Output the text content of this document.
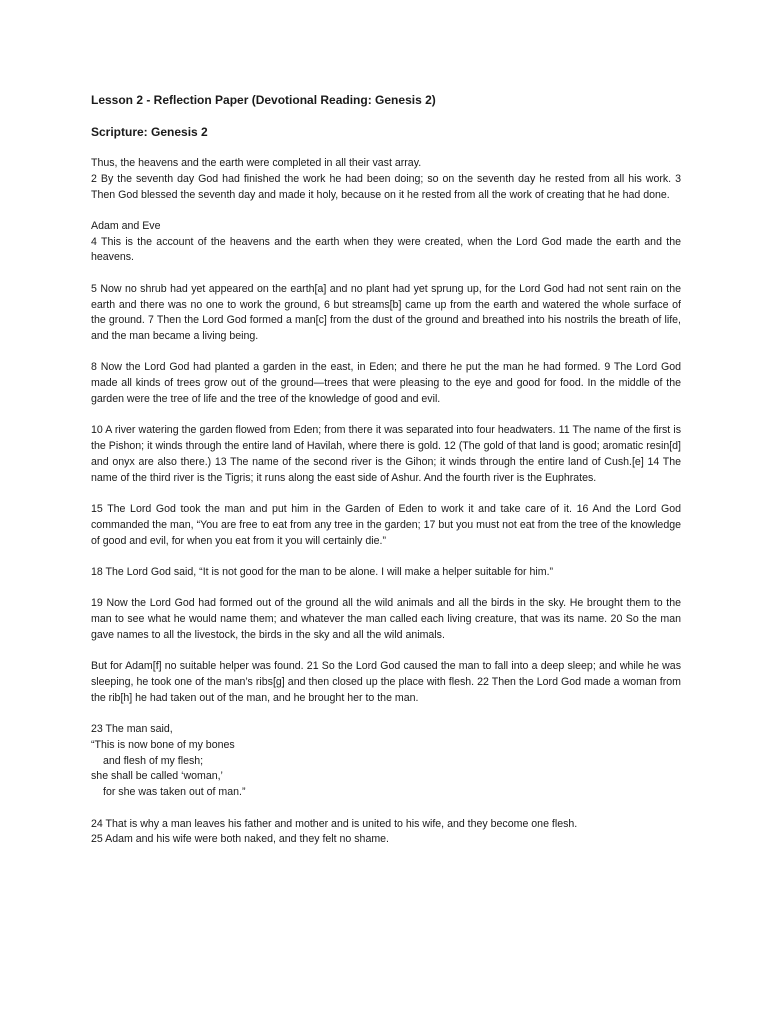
Lesson 2 - Reflection Paper (Devotional Reading: Genesis 2)
Scripture: Genesis 2
Thus, the heavens and the earth were completed in all their vast array.
2 By the seventh day God had finished the work he had been doing; so on the seventh day he rested from all his work. 3 Then God blessed the seventh day and made it holy, because on it he rested from all the work of creating that he had done.
Adam and Eve
4 This is the account of the heavens and the earth when they were created, when the Lord God made the earth and the heavens.
5 Now no shrub had yet appeared on the earth[a] and no plant had yet sprung up, for the Lord God had not sent rain on the earth and there was no one to work the ground, 6 but streams[b] came up from the earth and watered the whole surface of the ground. 7 Then the Lord God formed a man[c] from the dust of the ground and breathed into his nostrils the breath of life, and the man became a living being.
8 Now the Lord God had planted a garden in the east, in Eden; and there he put the man he had formed. 9 The Lord God made all kinds of trees grow out of the ground—trees that were pleasing to the eye and good for food. In the middle of the garden were the tree of life and the tree of the knowledge of good and evil.
10 A river watering the garden flowed from Eden; from there it was separated into four headwaters. 11 The name of the first is the Pishon; it winds through the entire land of Havilah, where there is gold. 12 (The gold of that land is good; aromatic resin[d] and onyx are also there.) 13 The name of the second river is the Gihon; it winds through the entire land of Cush.[e] 14 The name of the third river is the Tigris; it runs along the east side of Ashur. And the fourth river is the Euphrates.
15 The Lord God took the man and put him in the Garden of Eden to work it and take care of it. 16 And the Lord God commanded the man, “You are free to eat from any tree in the garden; 17 but you must not eat from the tree of the knowledge of good and evil, for when you eat from it you will certainly die.”
18 The Lord God said, “It is not good for the man to be alone. I will make a helper suitable for him.”
19 Now the Lord God had formed out of the ground all the wild animals and all the birds in the sky. He brought them to the man to see what he would name them; and whatever the man called each living creature, that was its name. 20 So the man gave names to all the livestock, the birds in the sky and all the wild animals.
But for Adam[f] no suitable helper was found. 21 So the Lord God caused the man to fall into a deep sleep; and while he was sleeping, he took one of the man’s ribs[g] and then closed up the place with flesh. 22 Then the Lord God made a woman from the rib[h] he had taken out of the man, and he brought her to the man.
23 The man said,
“This is now bone of my bones
and flesh of my flesh;
she shall be called ‘woman,’
for she was taken out of man.”
24 That is why a man leaves his father and mother and is united to his wife, and they become one flesh.
25 Adam and his wife were both naked, and they felt no shame.
